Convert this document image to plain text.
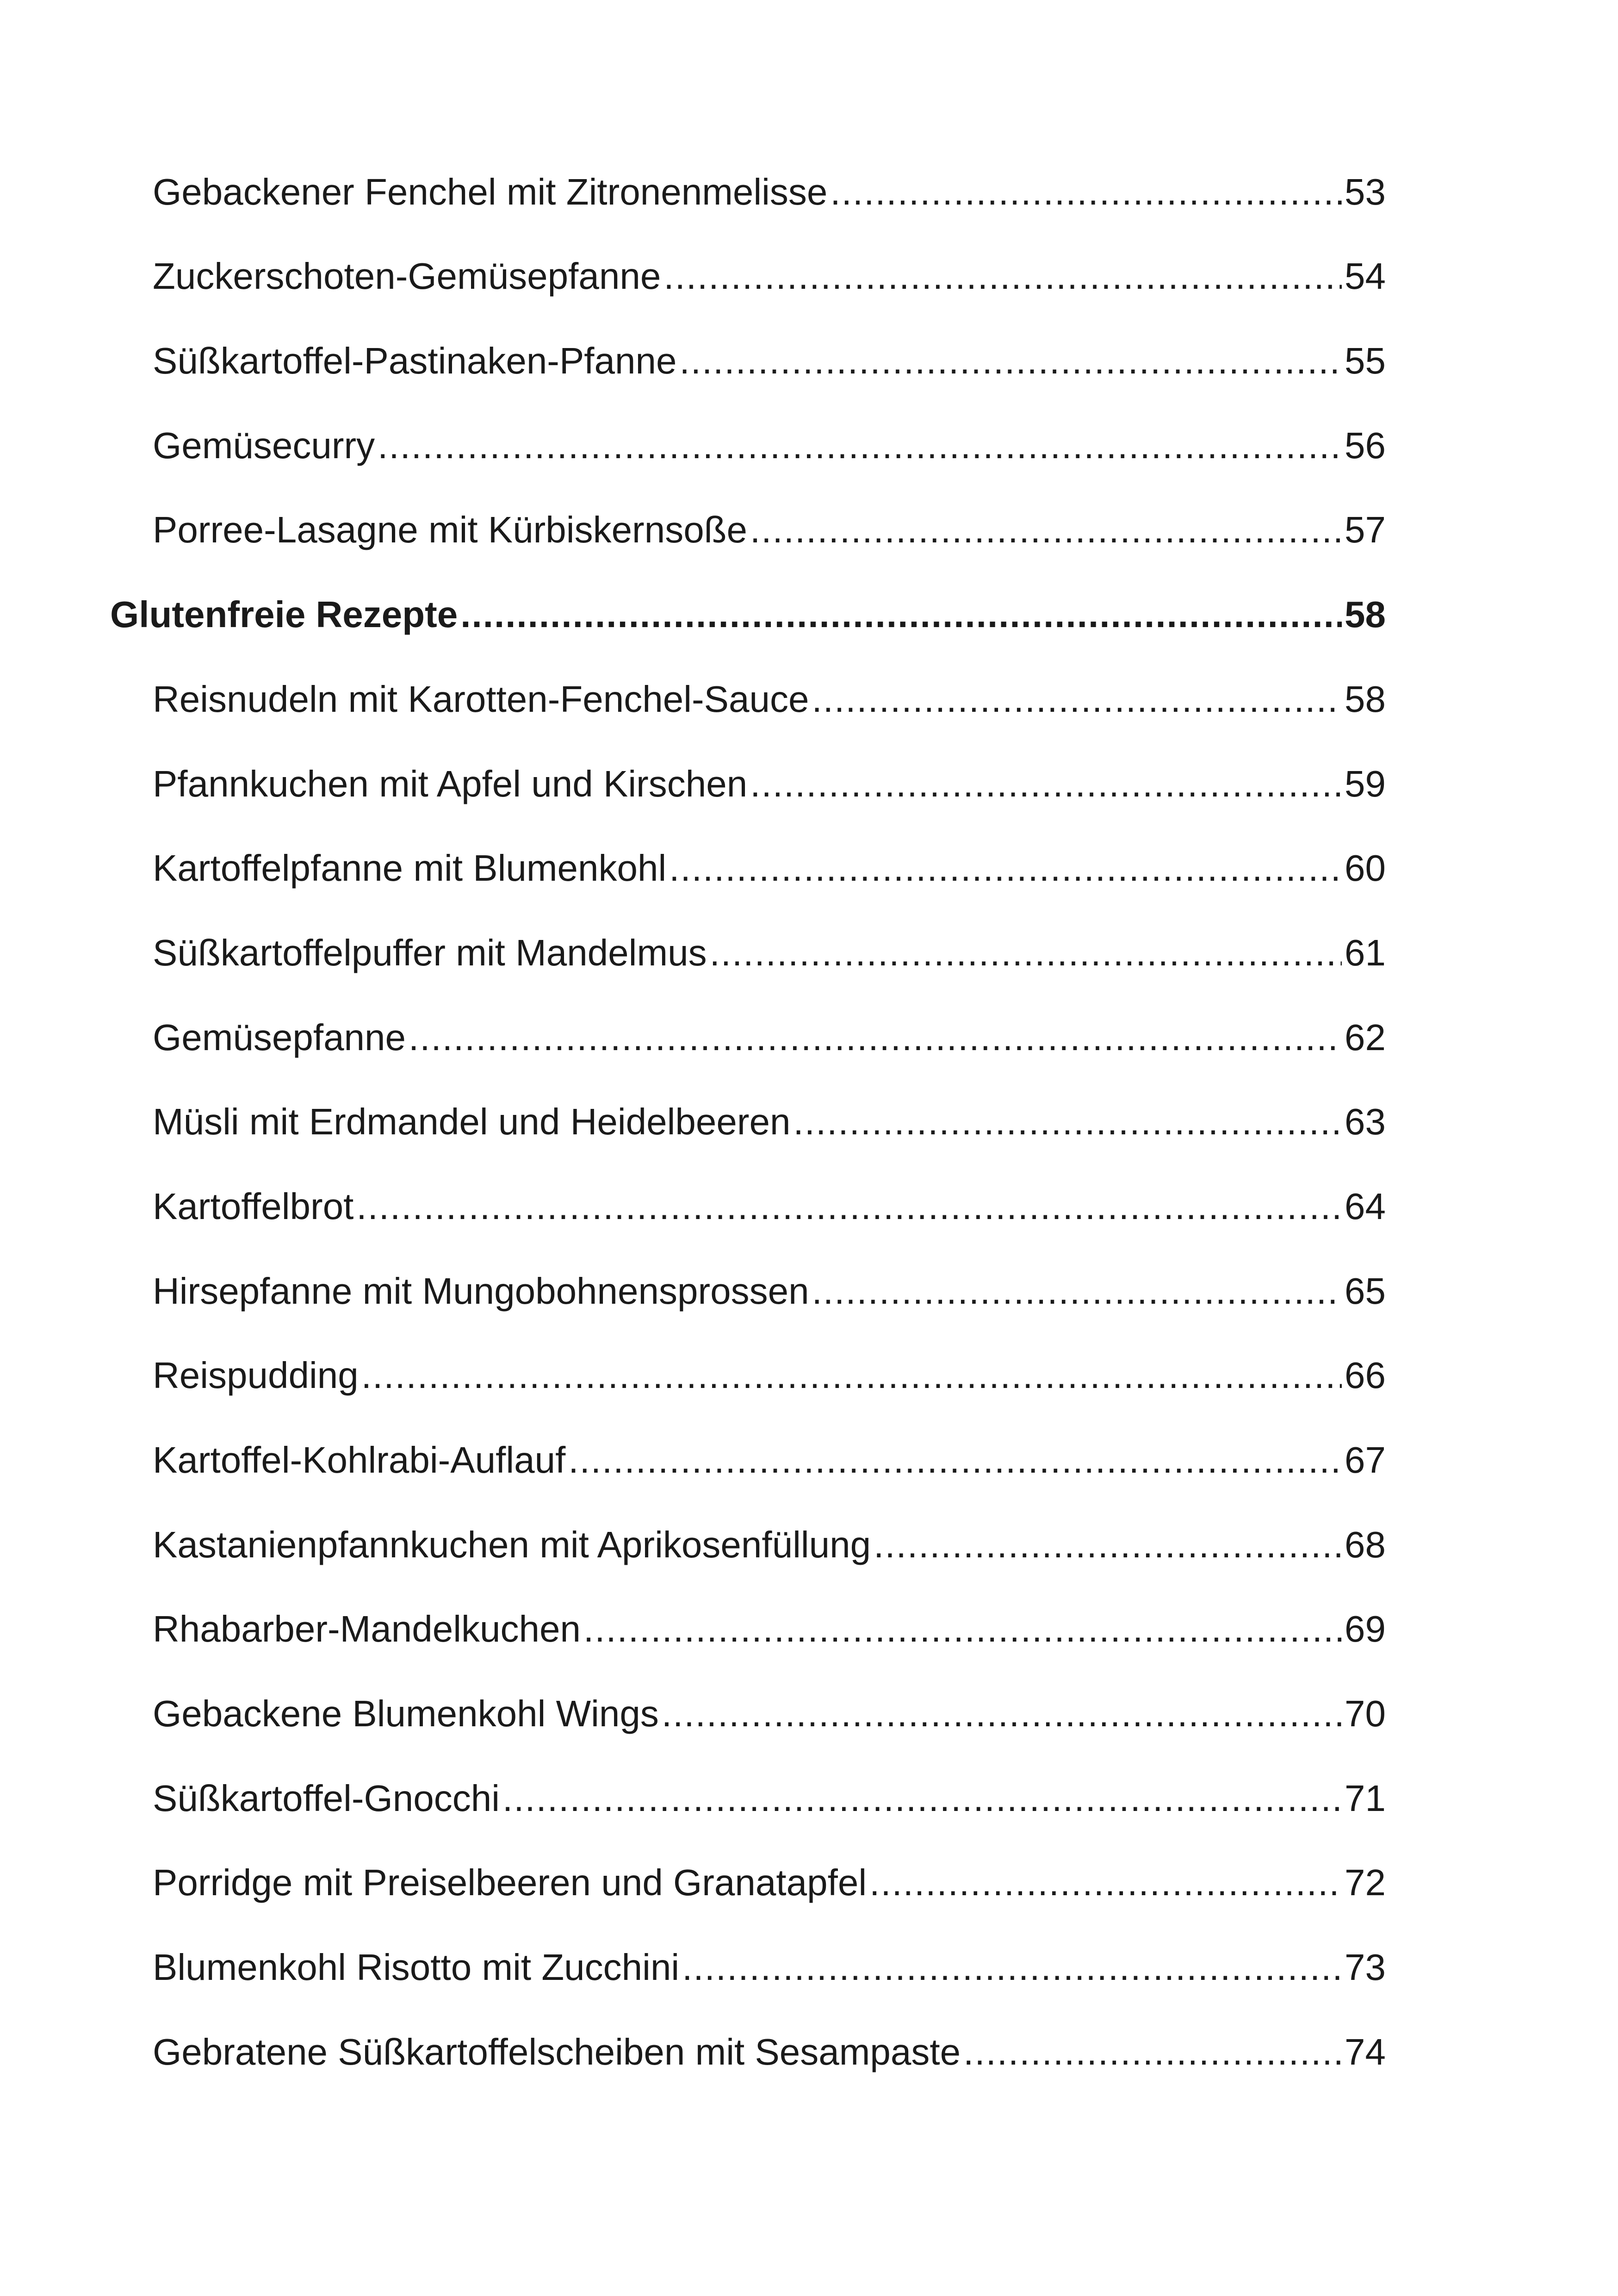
Gebackener Fenchel mit Zitronenmelisse .....	53
Zuckerschoten-Gemüsepfanne .....	54
Süßkartoffel-Pastinaken-Pfanne .....	55
Gemüsecurry .....	56
Porree-Lasagne mit Kürbiskernsoße .....	57
Glutenfreie Rezepte .....	58
Reisnudeln mit Karotten-Fenchel-Sauce .....	58
Pfannkuchen mit Apfel und Kirschen .....	59
Kartoffelpfanne mit Blumenkohl .....	60
Süßkartoffelpuffer mit Mandelmus .....	61
Gemüsepfanne .....	62
Müsli mit Erdmandel und Heidelbeeren .....	63
Kartoffelbrot .....	64
Hirsepfanne mit Mungobohnensprossen .....	65
Reispudding .....	66
Kartoffel-Kohlrabi-Auflauf .....	67
Kastanienpfannkuchen mit Aprikosenfüllung .....	68
Rhabarber-Mandelkuchen .....	69
Gebackene Blumenkohl Wings .....	70
Süßkartoffel-Gnocchi .....	71
Porridge mit Preiselbeeren und Granatapfel .....	72
Blumenkohl Risotto mit Zucchini .....	73
Gebratene Süßkartoffelscheiben mit Sesampaste .....	74
